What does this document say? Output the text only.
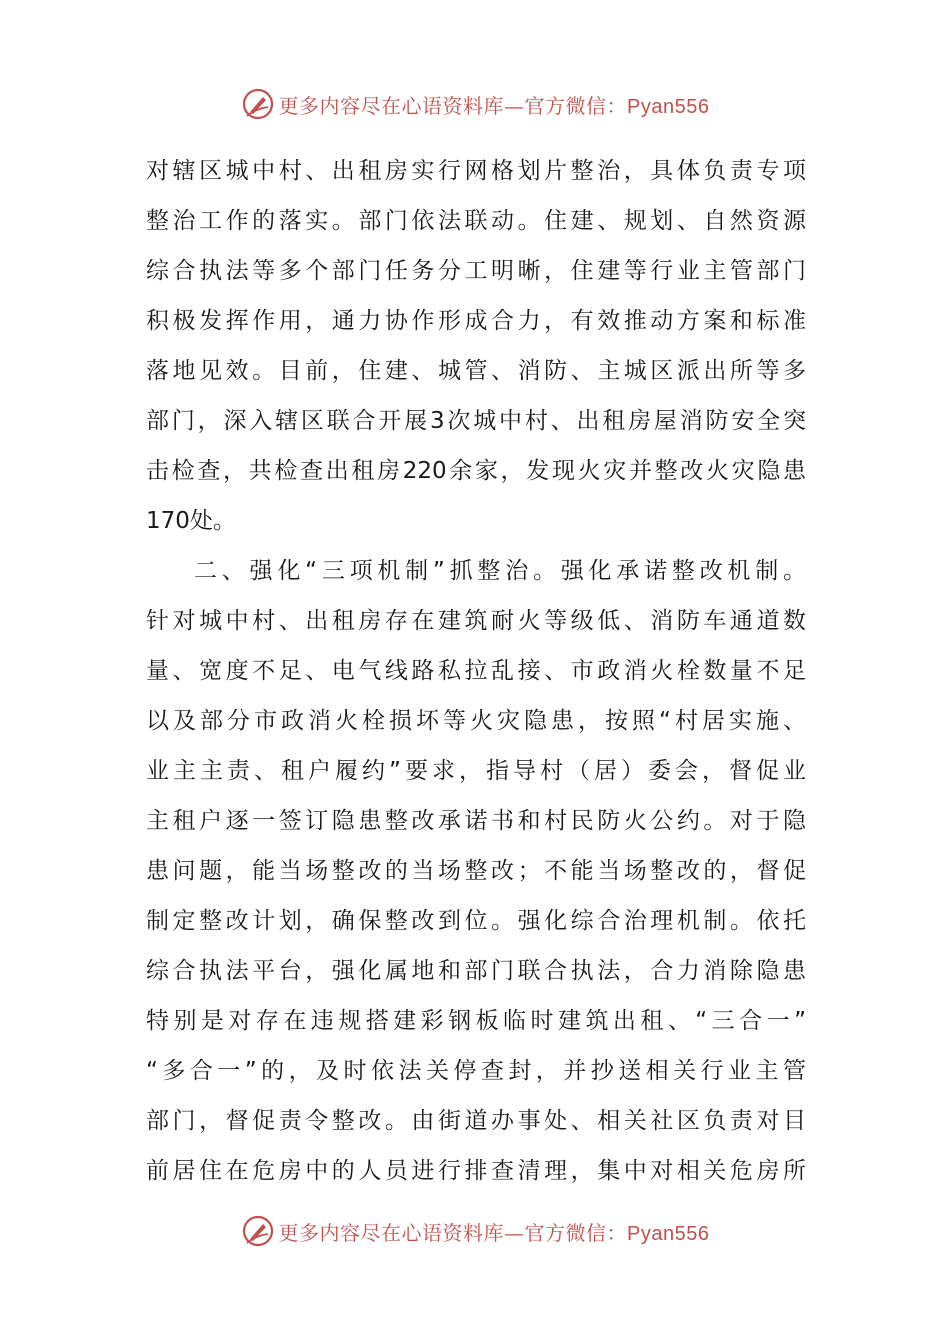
更多内容尽在心语资料库—官方微信：Pyan556
对辖区城中村、出租房实行网格划片整治，具体负责专项
整治工作的落实。部门依法联动。住建、规划、自然资源
综合执法等多个部门任务分工明晰，住建等行业主管部门
积极发挥作用，通力协作形成合力，有效推动方案和标准
落地见效。目前，住建、城管、消防、主城区派出所等多
部门，深入辖区联合开展3次城中村、出租房屋消防安全突
击检查，共检查出租房220余家，发现火灾并整改火灾隐患
170处。
二、强化“三项机制”抓整治。强化承诺整改机制。
针对城中村、出租房存在建筑耐火等级低、消防车通道数
量、宽度不足、电气线路私拉乱接、市政消火栓数量不足
以及部分市政消火栓损坏等火灾隐患，按照“村居实施、
业主主责、租户履约”要求，指导村（居）委会，督促业
主租户逐一签订隐患整改承诺书和村民防火公约。对于隐
患问题，能当场整改的当场整改；不能当场整改的，督促
制定整改计划，确保整改到位。强化综合治理机制。依托
综合执法平台，强化属地和部门联合执法，合力消除隐患
特别是对存在违规搭建彩钢板临时建筑出租、“三合一”
“多合一”的，及时依法关停查封，并抄送相关行业主管
部门，督促责令整改。由街道办事处、相关社区负责对目
前居住在危房中的人员进行排查清理，集中对相关危房所
更多内容尽在心语资料库—官方微信：Pyan556
